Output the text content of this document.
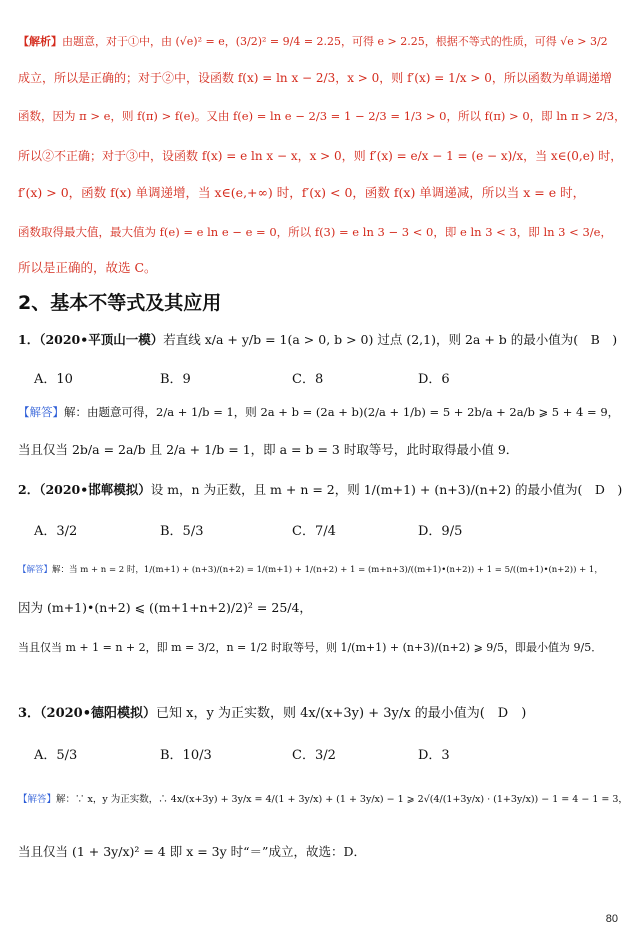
【解析】由题意，对于①中，由 (√e)² = e，(3/2)² = 9/4 = 2.25，可得 e > 2.25，根据不等式的性质，可得 √e > 3/2
成立，所以是正确的；对于②中，设函数 f(x) = ln x − 2/3，x > 0，则 f′(x) = 1/x > 0，所以函数为单调递增
函数，因为 π > e，则 f(π) > f(e)。又由 f(e) = ln e − 2/3 = 1 − 2/3 = 1/3 > 0，所以 f(π) > 0，即 ln π > 2/3，
所以②不正确；对于③中，设函数 f(x) = e ln x − x，x > 0，则 f′(x) = e/x − 1 = (e − x)/x，当 x∈(0,e) 时，
f′(x) > 0，函数 f(x) 单调递增，当 x∈(e,+∞) 时，f′(x) < 0，函数 f(x) 单调递减，所以当 x = e 时，
函数取得最大值，最大值为 f(e) = e ln e − e = 0，所以 f(3) = e ln 3 − 3 < 0，即 e ln 3 < 3，即 ln 3 < 3/e，
所以是正确的，故选 C。
2、基本不等式及其应用
1．（2020•平顶山一模）若直线 x/a + y/b = 1(a > 0, b > 0) 过点 (2,1)，则 2a + b 的最小值为(　B　)
A．10	B．9	C．8	D．6
【解答】解：由题意可得，2/a + 1/b = 1，则 2a + b = (2a + b)(2/a + 1/b) = 5 + 2b/a + 2a/b ⩾ 5 + 4 = 9，
当且仅当 2b/a = 2a/b 且 2/a + 1/b = 1，即 a = b = 3 时取等号，此时取得最小值 9．
2．（2020•邯郸模拟）设 m，n 为正数，且 m + n = 2，则 1/(m+1) + (n+3)/(n+2) 的最小值为(　D　)
A．3/2	B．5/3	C．7/4	D．9/5
【解答】解：当 m + n = 2 时，1/(m+1) + (n+3)/(n+2) = 1/(m+1) + 1/(n+2) + 1 = (m+n+3)/((m+1)•(n+2)) + 1 = 5/((m+1)•(n+2)) + 1，
因为 (m+1)•(n+2) ⩽ ((m+1+n+2)/2)² = 25/4，
当且仅当 m + 1 = n + 2，即 m = 3/2，n = 1/2 时取等号，则 1/(m+1) + (n+3)/(n+2) ⩾ 9/5，即最小值为 9/5．
3．（2020•德阳模拟）已知 x，y 为正实数，则 4x/(x+3y) + 3y/x 的最小值为(　D　)
A．5/3	B．10/3	C．3/2	D．3
【解答】解：∵ x，y 为正实数，∴ 4x/(x+3y) + 3y/x = 4/(1 + 3y/x) + (1 + 3y/x) − 1 ⩾ 2√(4/(1+3y/x) · (1+3y/x)) − 1 = 4 − 1 = 3，
当且仅当 (1 + 3y/x)² = 4 即 x = 3y 时“＝”成立，故选：D．
80
